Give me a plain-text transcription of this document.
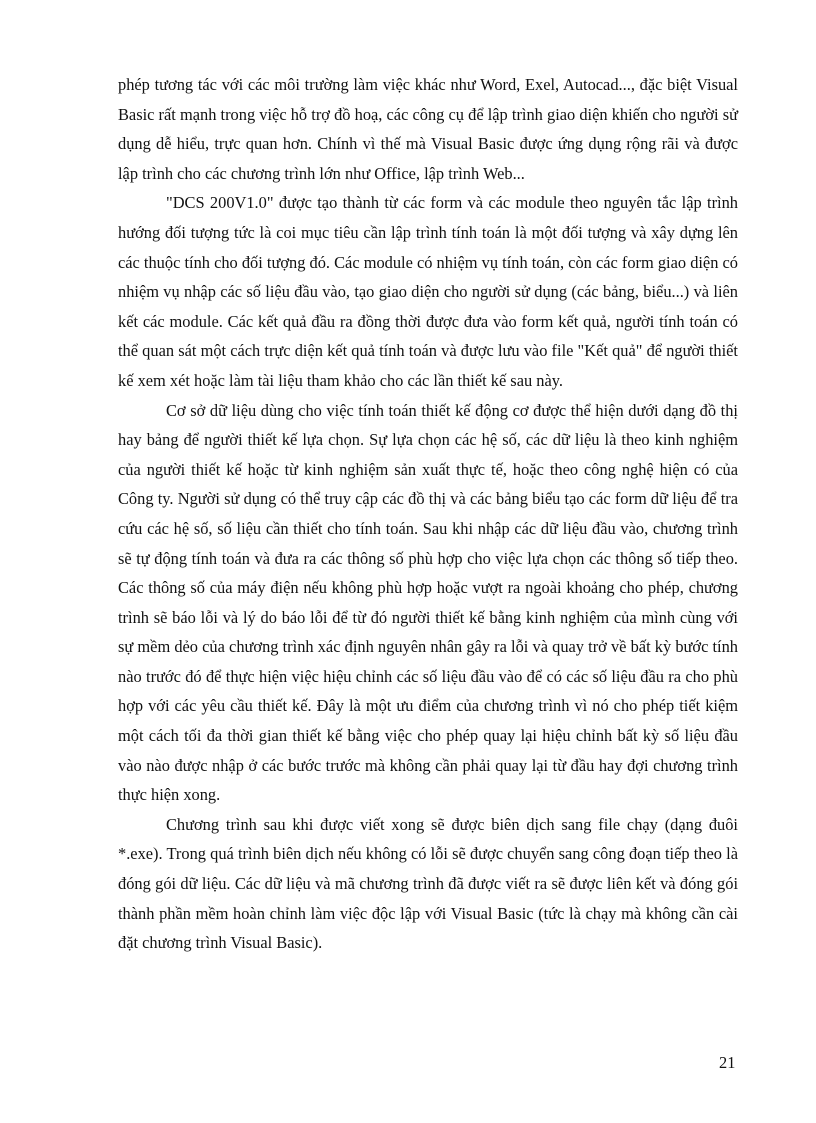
phép tương tác với các môi trường làm việc khác như Word, Exel, Autocad..., đặc biệt Visual Basic rất mạnh trong việc hỗ trợ đồ hoạ, các công cụ để lập trình giao diện khiến cho người sử dụng dễ hiểu, trực quan hơn. Chính vì thế mà Visual Basic được ứng dụng rộng rãi và được lập trình cho các chương trình lớn như Office, lập trình Web...

"DCS 200V1.0" được tạo thành từ các form và các module theo nguyên tắc lập trình hướng đối tượng tức là coi mục tiêu cần lập trình tính toán là một đối tượng và xây dựng lên các thuộc tính cho đối tượng đó. Các module có nhiệm vụ tính toán, còn các form giao diện có nhiệm vụ nhập các số liệu đầu vào, tạo giao diện cho người sử dụng (các bảng, biểu...) và liên kết các module. Các kết quả đầu ra đồng thời được đưa vào form kết quả, người tính toán có thể quan sát một cách trực diện kết quả tính toán và được lưu vào file "Kết quả" để người thiết kế xem xét hoặc làm tài liệu tham khảo cho các lần thiết kế sau này.

Cơ sở dữ liệu dùng cho việc tính toán thiết kế động cơ được thể hiện dưới dạng đồ thị hay bảng để người thiết kế lựa chọn. Sự lựa chọn các hệ số, các dữ liệu là theo kinh nghiệm của người thiết kế hoặc từ kinh nghiệm sản xuất thực tế, hoặc theo công nghệ hiện có của Công ty. Người sử dụng có thể truy cập các đồ thị và các bảng biểu tạo các form dữ liệu để tra cứu các hệ số, số liệu cần thiết cho tính toán. Sau khi nhập các dữ liệu đầu vào, chương trình sẽ tự động tính toán và đưa ra các thông số phù hợp cho việc lựa chọn các thông số tiếp theo. Các thông số của máy điện nếu không phù hợp hoặc vượt ra ngoài khoảng cho phép, chương trình sẽ báo lỗi và lý do báo lỗi để từ đó người thiết kế bằng kinh nghiệm của mình cùng với sự mềm dẻo của chương trình xác định nguyên nhân gây ra lỗi và quay trở về bất kỳ bước tính nào trước đó để thực hiện việc hiệu chỉnh các số liệu đầu vào để có các số liệu đầu ra cho phù hợp với các yêu cầu thiết kế. Đây là một ưu điểm của chương trình vì nó cho phép tiết kiệm một cách tối đa thời gian thiết kế bằng việc cho phép quay lại hiệu chỉnh bất kỳ số liệu đầu vào nào được nhập ở các bước trước mà không cần phải quay lại từ đầu hay đợi chương trình thực hiện xong.

Chương trình sau khi được viết xong sẽ được biên dịch sang file chạy (dạng đuôi *.exe). Trong quá trình biên dịch nếu không có lỗi sẽ được chuyển sang công đoạn tiếp theo là đóng gói dữ liệu. Các dữ liệu và mã chương trình đã được viết ra sẽ được liên kết và đóng gói thành phần mềm hoàn chỉnh làm việc độc lập với Visual Basic (tức là chạy mà không cần cài đặt chương trình Visual Basic).

21
